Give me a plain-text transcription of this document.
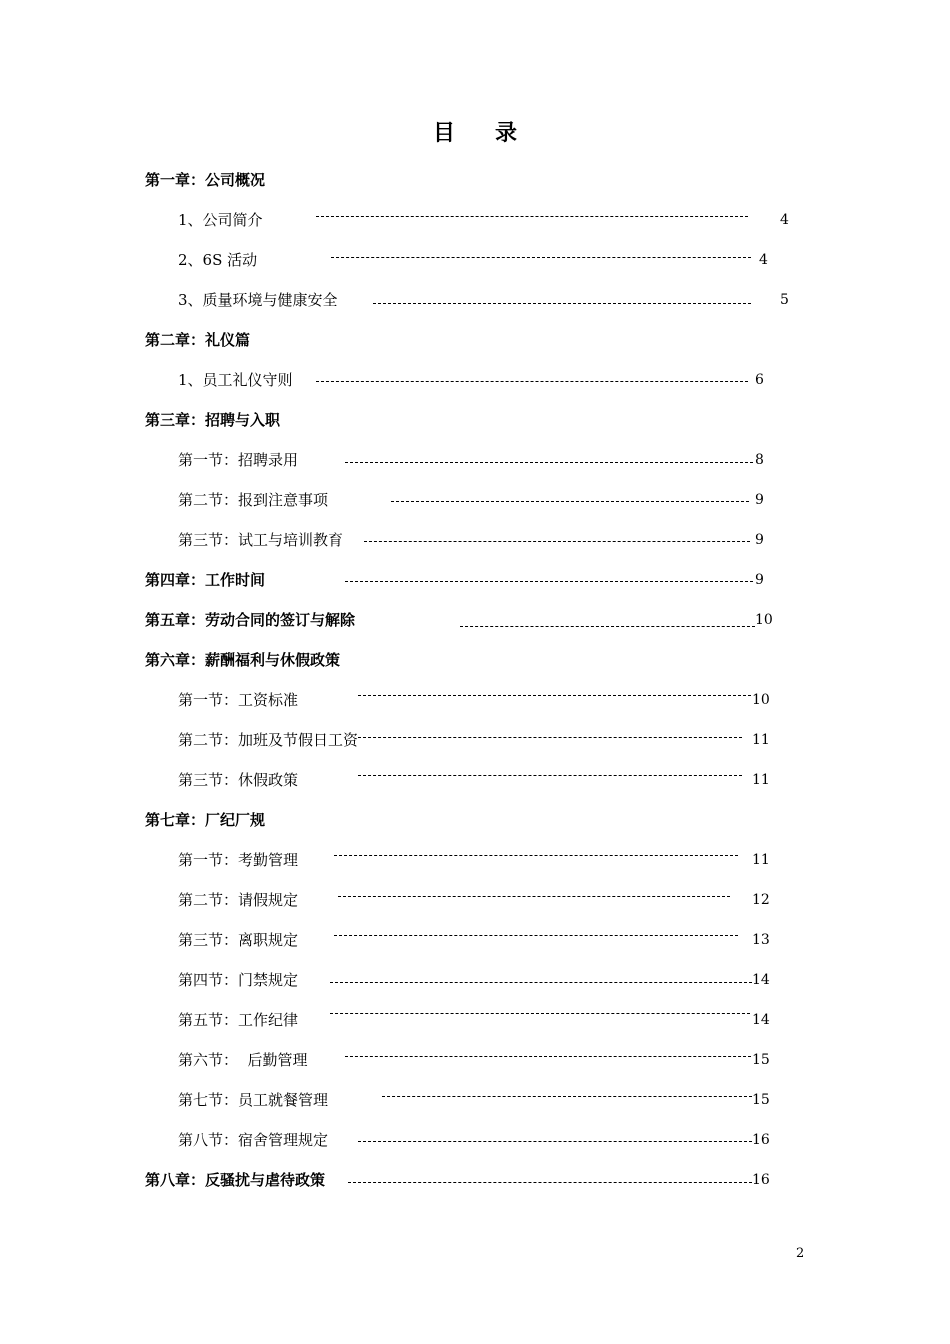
目 录
第一章：公司概况
1、公司简介	4
2、6S 活动	4
3、质量环境与健康安全	5
第二章：礼仪篇
1、员工礼仪守则	6
第三章：招聘与入职
第一节：招聘录用	8
第二节：报到注意事项	9
第三节：试工与培训教育	9
第四章：工作时间	9
第五章：劳动合同的签订与解除	10
第六章：薪酬福利与休假政策
第一节：工资标准	10
第二节：加班及节假日工资	11
第三节：休假政策	11
第七章：厂纪厂规
第一节：考勤管理	11
第二节：请假规定	12
第三节：离职规定	13
第四节：门禁规定	14
第五节：工作纪律	14
第六节：  后勤管理	15
第七节：员工就餐管理	15
第八节：宿舍管理规定	16
第八章：反骚扰与虐待政策	16
2
